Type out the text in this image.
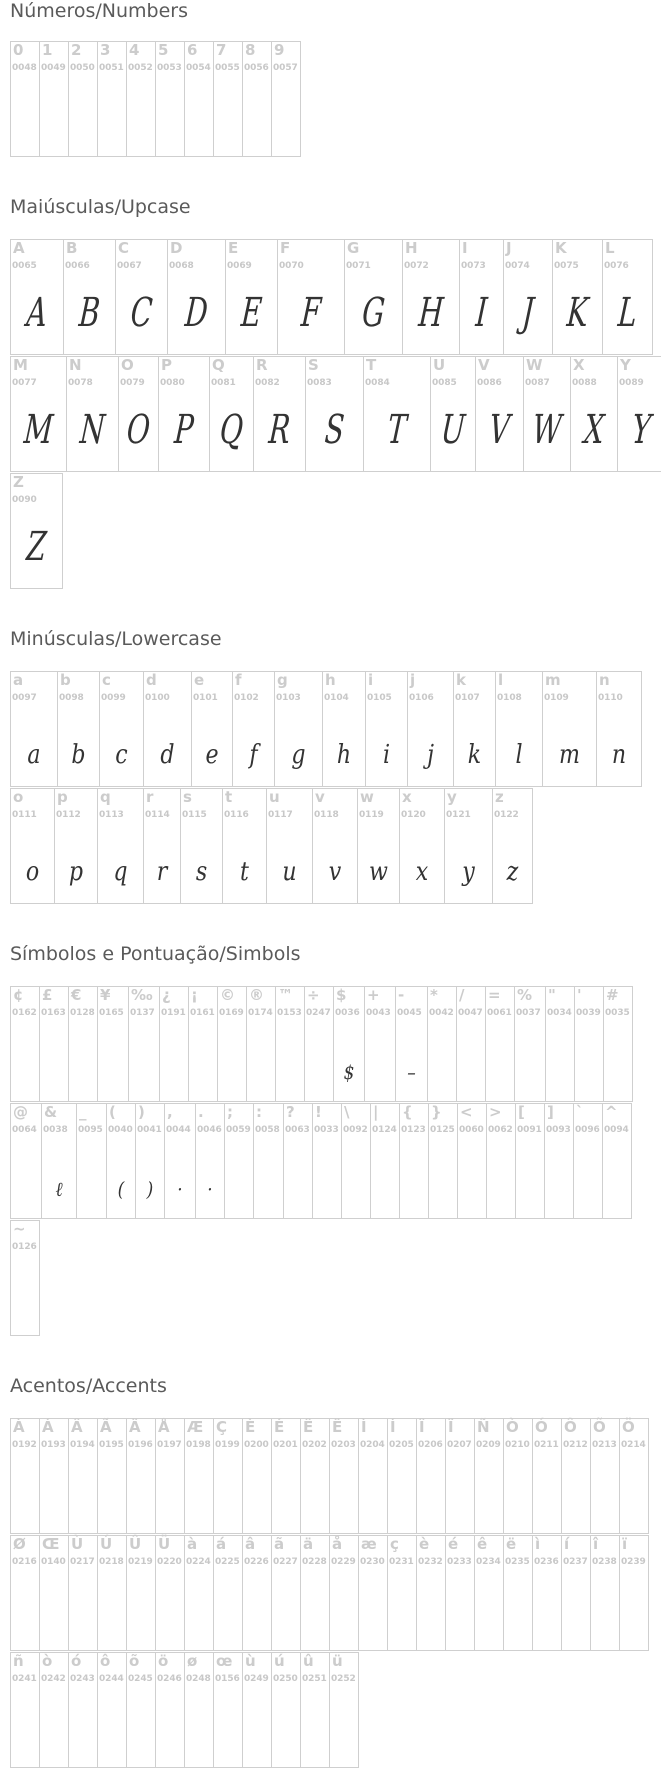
Números/Numbers
0
0048
1
0049
2
0050
3
0051
4
0052
5
0053
6
0054
7
0055
8
0056
9
0057
Maiúsculas/Upcase
A
0065
A
B
0066
B
C
0067
C
D
0068
D
E
0069
E
F
0070
F
G
0071
G
H
0072
H
I
0073
I
J
0074
J
K
0075
K
L
0076
L
M
0077
M
N
0078
N
O
0079
O
P
0080
P
Q
0081
Q
R
0082
R
S
0083
S
T
0084
T
U
0085
U
V
0086
V
W
0087
W
X
0088
X
Y
0089
Y
Z
0090
Z
Minúsculas/Lowercase
a
0097
a
b
0098
b
c
0099
c
d
0100
d
e
0101
e
f
0102
f
g
0103
g
h
0104
h
i
0105
i
j
0106
j
k
0107
k
l
0108
l
m
0109
m
n
0110
n
o
0111
o
p
0112
p
q
0113
q
r
0114
r
s
0115
s
t
0116
t
u
0117
u
v
0118
v
w
0119
w
x
0120
x
y
0121
y
z
0122
z
Símbolos e Pontuação/Simbols
¢
0162
£
0163
€
0128
¥
0165
‰
0137
¿
0191
¡
0161
©
0169
®
0174
™
0153
÷
0247
$
0036
$
+
0043
-
0045
–
*
0042
/
0047
=
0061
%
0037
"
0034
'
0039
#
0035
@
0064
&
0038
ℓ
_
0095
(
0040
(
)
0041
)
,
0044
·
.
0046
·
;
0059
:
0058
?
0063
!
0033
\
0092
|
0124
{
0123
}
0125
<
0060
>
0062
[
0091
]
0093
`
0096
^
0094
~
0126
Acentos/Accents
À
0192
Á
0193
Â
0194
Ã
0195
Ä
0196
Å
0197
Æ
0198
Ç
0199
È
0200
É
0201
Ê
0202
Ë
0203
Ì
0204
Í
0205
Î
0206
Ï
0207
Ñ
0209
Ò
0210
Ó
0211
Ô
0212
Õ
0213
Ö
0214
Ø
0216
Œ
0140
Ù
0217
Ú
0218
Û
0219
Ü
0220
à
0224
á
0225
â
0226
ã
0227
ä
0228
å
0229
æ
0230
ç
0231
è
0232
é
0233
ê
0234
ë
0235
ì
0236
í
0237
î
0238
ï
0239
ñ
0241
ò
0242
ó
0243
ô
0244
õ
0245
ö
0246
ø
0248
œ
0156
ù
0249
ú
0250
û
0251
ü
0252
